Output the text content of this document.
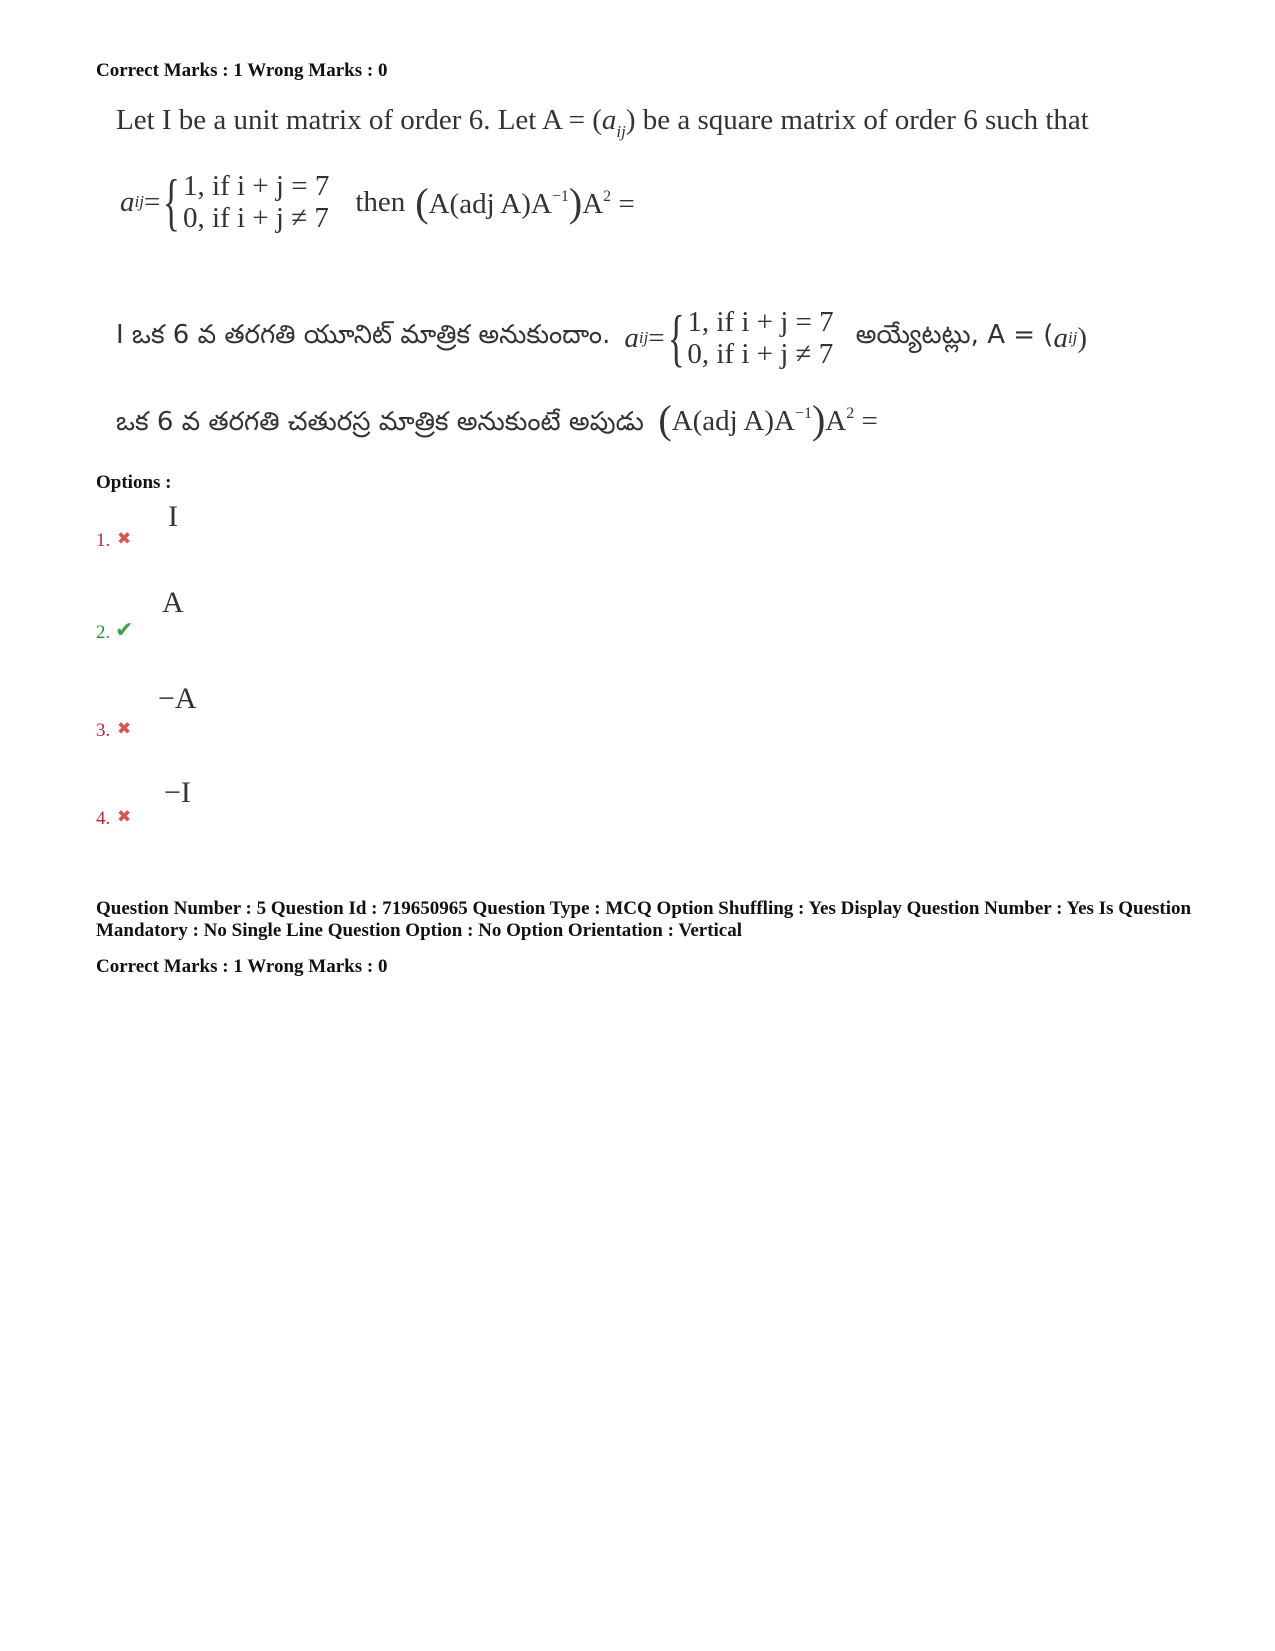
Correct Marks : 1 Wrong Marks : 0
Let I be a unit matrix of order 6. Let $A = (a_{ij})$ be a square matrix of order 6 such that
a ij = { 1, if i + j = 7
0, if i + j ≠ 7
then (A(adj $A)A^{-1})A^2$ =
I ఒక 6 వ తరగతి యూనిట్ మాత్రిక అనుకుందాం. a ij = { 1, if i + j = 7
0, if i + j ≠ 7
అయ్యేటట్లు, A = ( a ij )
ఒక 6 వ తరగతి చతురస్ర మాత్రిక అనుకుంటే అపుడు (A(adj $A)A^{-1})A^2$ =
Options :
1. ✖
I
2. ✔
A
3. ✖
−A
4. ✖
−I
Question Number : 5 Question Id : 719650965 Question Type : MCQ Option Shuffling : Yes Display Question Number : Yes Is Question Mandatory : No Single Line Question Option : No Option Orientation : Vertical
Correct Marks : 1 Wrong Marks : 0
